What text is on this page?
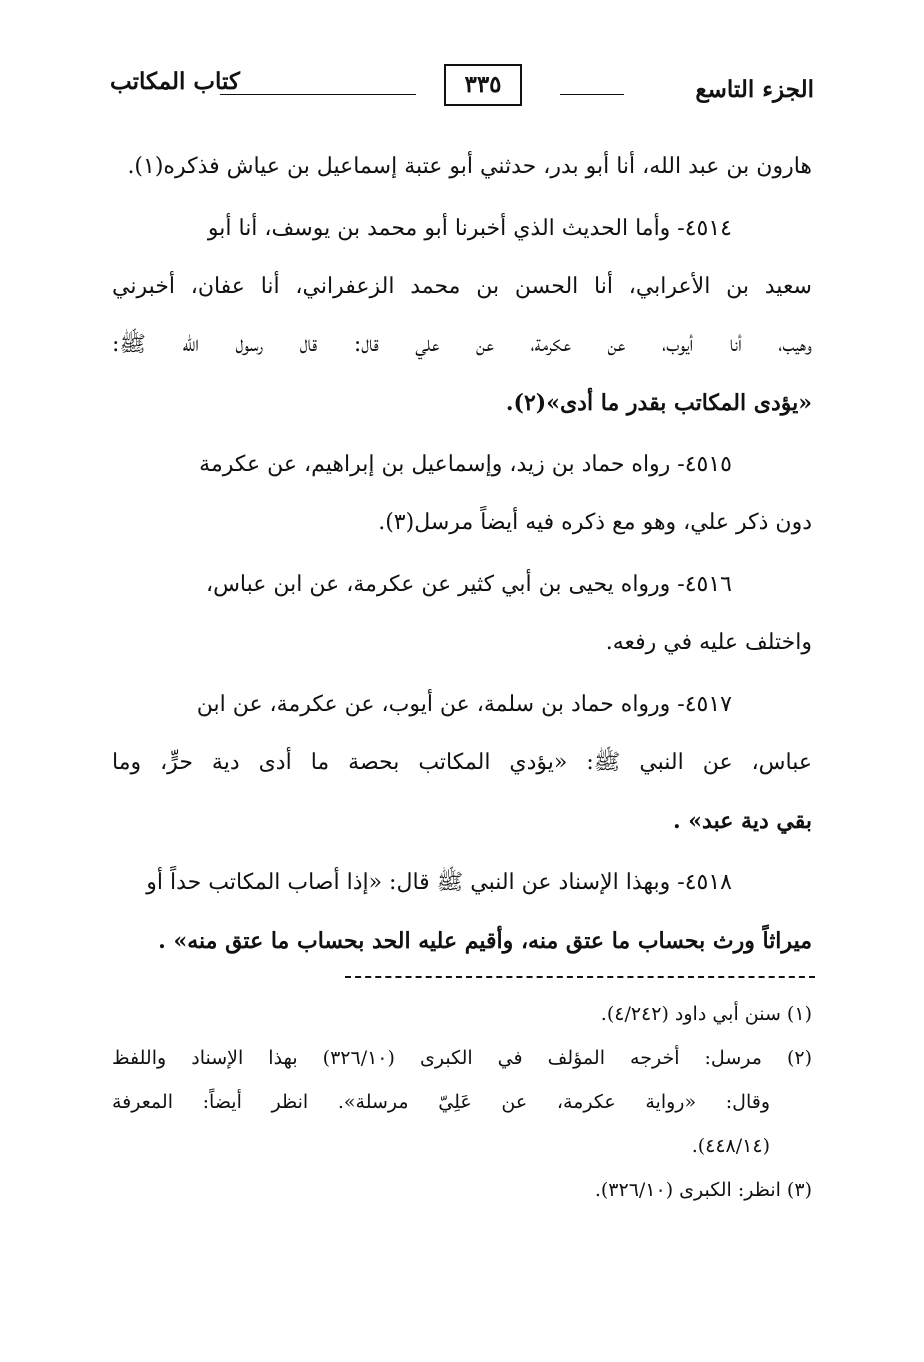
الجزء التاسع
٣٣٥
كتاب المكاتب
هارون بن عبد الله، أنا أبو بدر، حدثني أبو عتبة إسماعيل بن عياش فذكره(١).
٤٥١٤- وأما الحديث الذي أخبرنا أبو محمد بن يوسف، أنا أبو
سعيد بن الأعرابي، أنا الحسن بن محمد الزعفراني، أنا عفان، أخبرني
وهيب، أنا أيوب، عن عكرمة، عن علي قال: قال رسول الله ﷺ:
«يؤدى المكاتب بقدر ما أدى»(٢).
٤٥١٥- رواه حماد بن زيد، وإسماعيل بن إبراهيم، عن عكرمة
دون ذكر علي، وهو مع ذكره فيه أيضاً مرسل(٣).
٤٥١٦- ورواه يحيى بن أبي كثير عن عكرمة، عن ابن عباس،
واختلف عليه في رفعه.
٤٥١٧- ورواه حماد بن سلمة، عن أيوب، عن عكرمة، عن ابن
عباس، عن النبي ﷺ: «يؤدي المكاتب بحصة ما أدى دية حرٍّ، وما
بقي دية عبد» .
٤٥١٨- وبهذا الإسناد عن النبي ﷺ قال: «إذا أصاب المكاتب حداً أو
ميراثاً ورث بحساب ما عتق منه، وأقيم عليه الحد بحساب ما عتق منه» .
(١) سنن أبي داود (٤/٢٤٢).
(٢) مرسل: أخرجه المؤلف في الكبرى (٣٢٦/١٠) بهذا الإسناد واللفظ
وقال: «رواية عكرمة، عن عَلِيّ مرسلة». انظر أيضاً: المعرفة
(٤٤٨/١٤).
(٣) انظر: الكبرى (٣٢٦/١٠).
